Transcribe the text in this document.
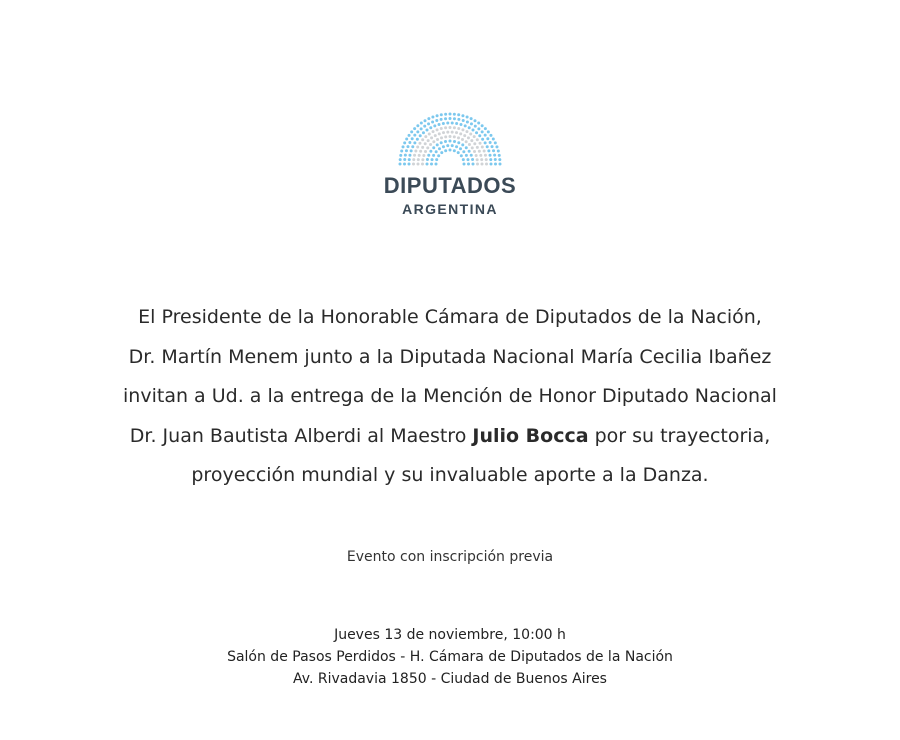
DIPUTADOS
ARGENTINA

El Presidente de la Honorable Cámara de Diputados de la Nación,
Dr. Martín Menem junto a la Diputada Nacional María Cecilia Ibañez
invitan a Ud. a la entrega de la Mención de Honor Diputado Nacional
Dr. Juan Bautista Alberdi al Maestro Julio Bocca por su trayectoria,
proyección mundial y su invaluable aporte a la Danza.

Evento con inscripción previa

Jueves 13 de noviembre, 10:00 h
Salón de Pasos Perdidos - H. Cámara de Diputados de la Nación
Av. Rivadavia 1850 - Ciudad de Buenos Aires
